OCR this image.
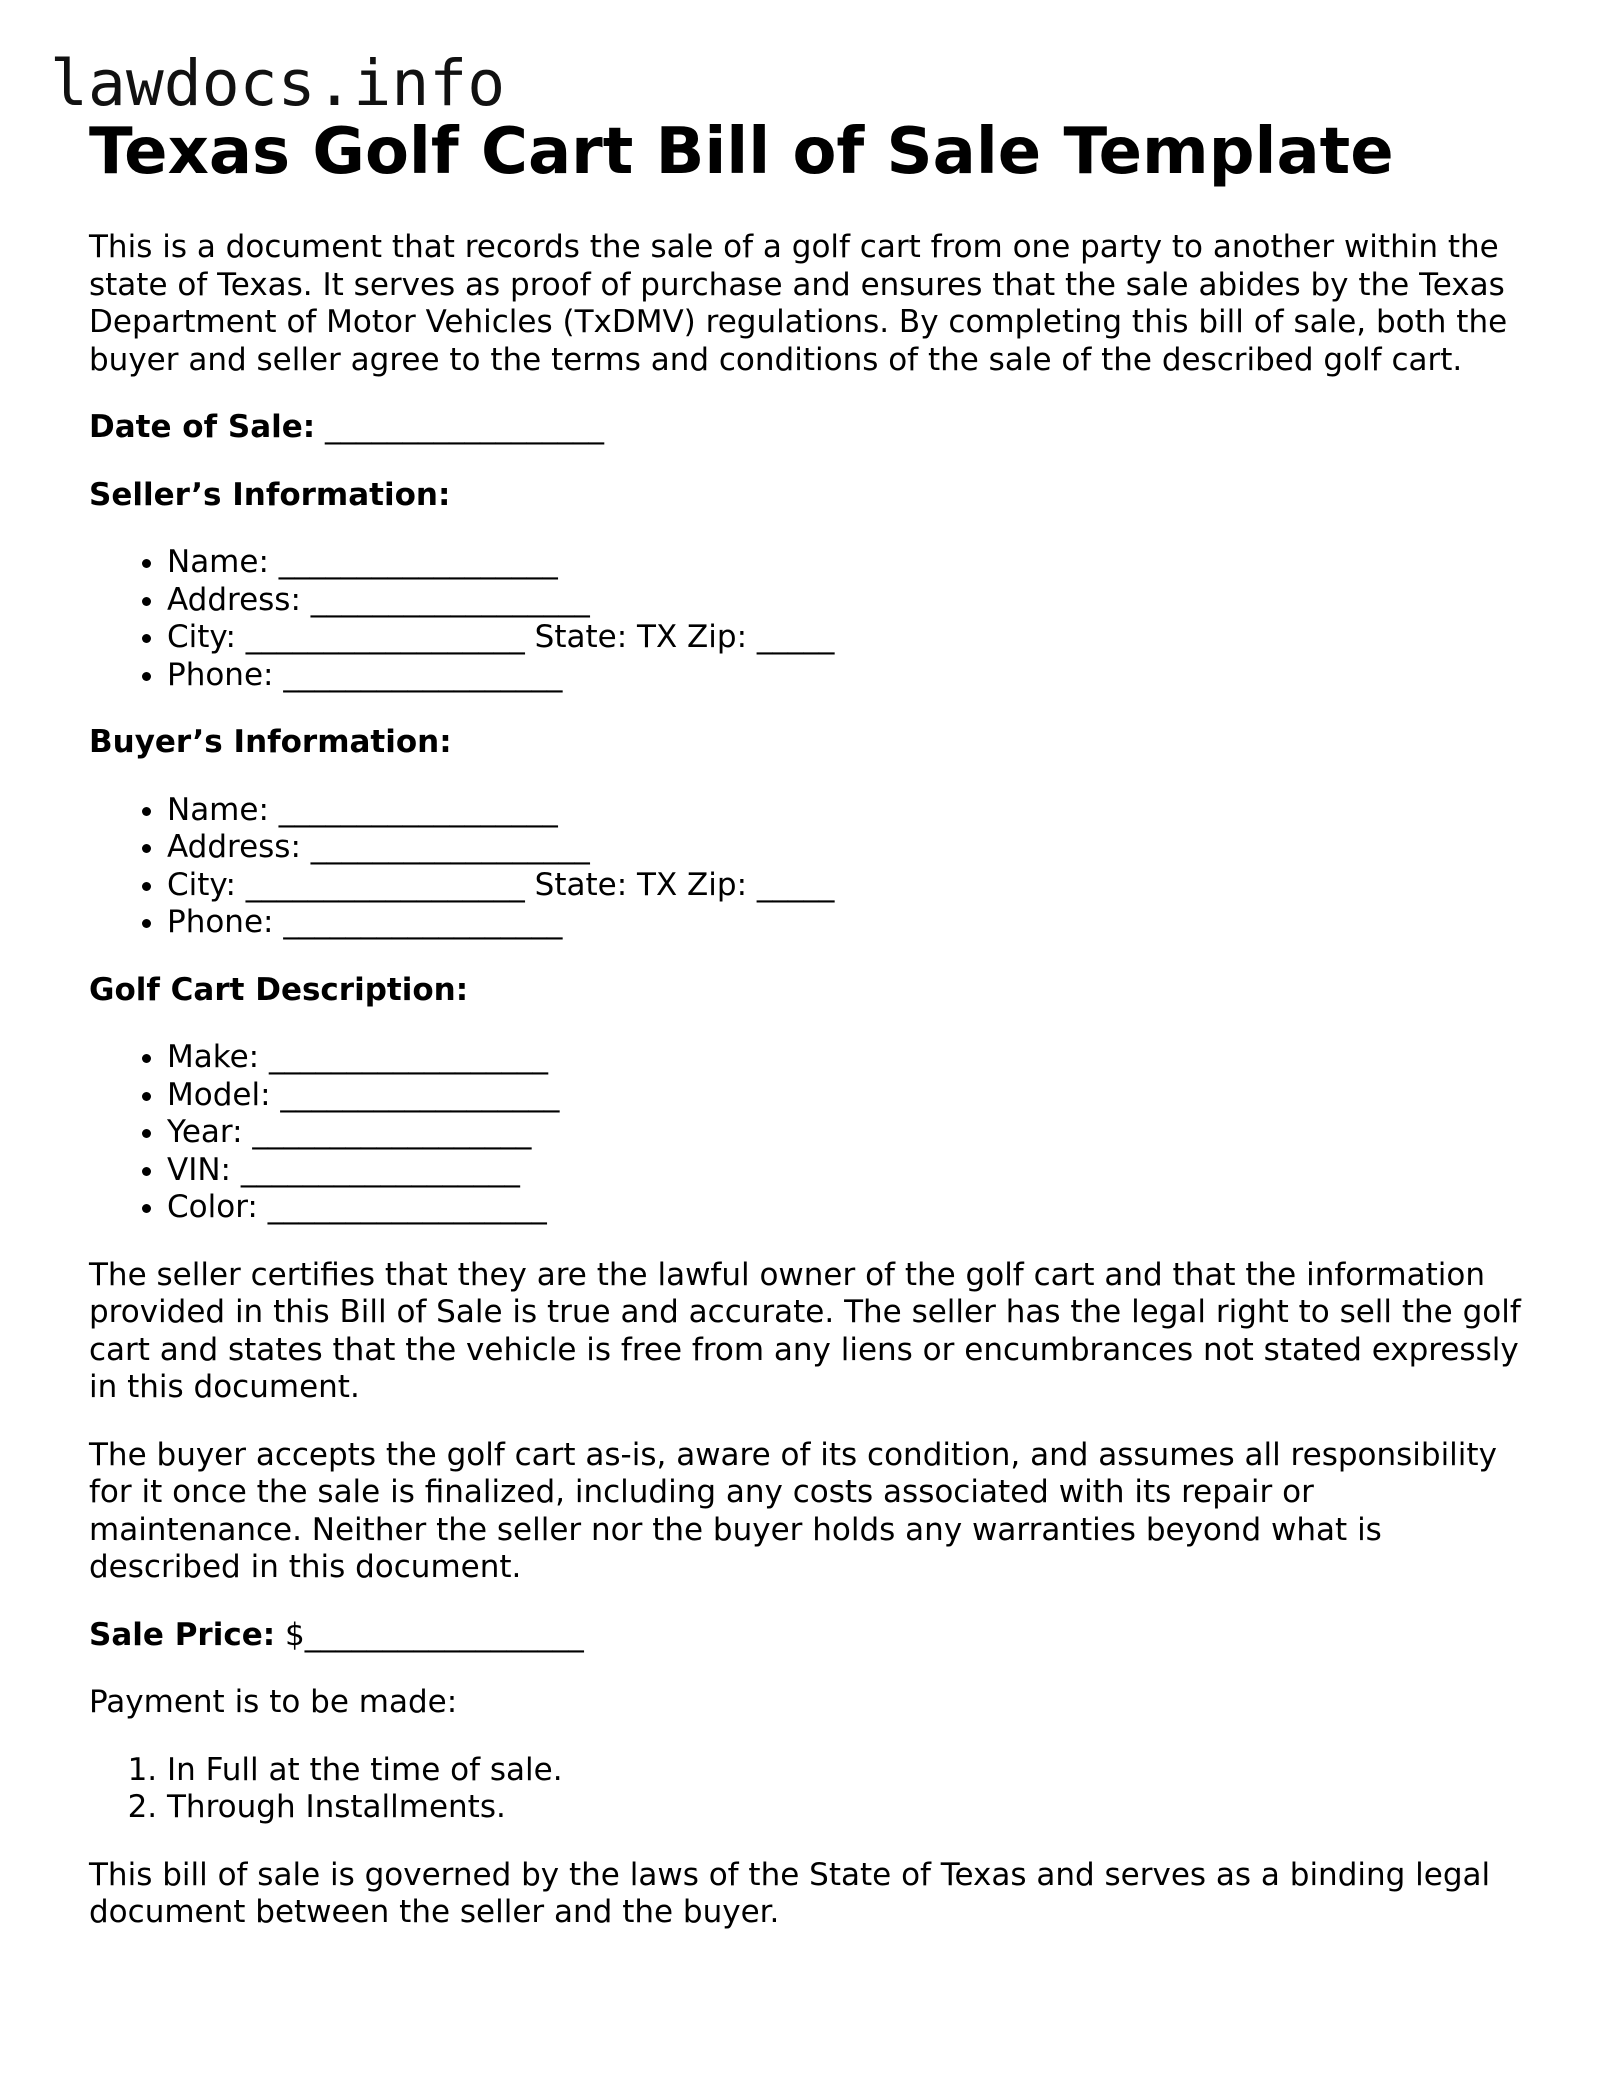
lawdocs.info
Texas Golf Cart Bill of Sale Template

This is a document that records the sale of a golf cart from one party to another within the state of Texas. It serves as proof of purchase and ensures that the sale abides by the Texas Department of Motor Vehicles (TxDMV) regulations. By completing this bill of sale, both the buyer and seller agree to the terms and conditions of the sale of the described golf cart.

Date of Sale: __________________

Seller’s Information:

• Name: __________________
• Address: __________________
• City: __________________ State: TX Zip: _____
• Phone: __________________

Buyer’s Information:

• Name: __________________
• Address: __________________
• City: __________________ State: TX Zip: _____
• Phone: __________________

Golf Cart Description:

• Make: __________________
• Model: __________________
• Year: __________________
• VIN: __________________
• Color: __________________

The seller certifies that they are the lawful owner of the golf cart and that the information provided in this Bill of Sale is true and accurate. The seller has the legal right to sell the golf cart and states that the vehicle is free from any liens or encumbrances not stated expressly in this document.

The buyer accepts the golf cart as-is, aware of its condition, and assumes all responsibility for it once the sale is finalized, including any costs associated with its repair or maintenance. Neither the seller nor the buyer holds any warranties beyond what is described in this document.

Sale Price: $__________________

Payment is to be made:

1. In Full at the time of sale.
2. Through Installments.

This bill of sale is governed by the laws of the State of Texas and serves as a binding legal document between the seller and the buyer.
